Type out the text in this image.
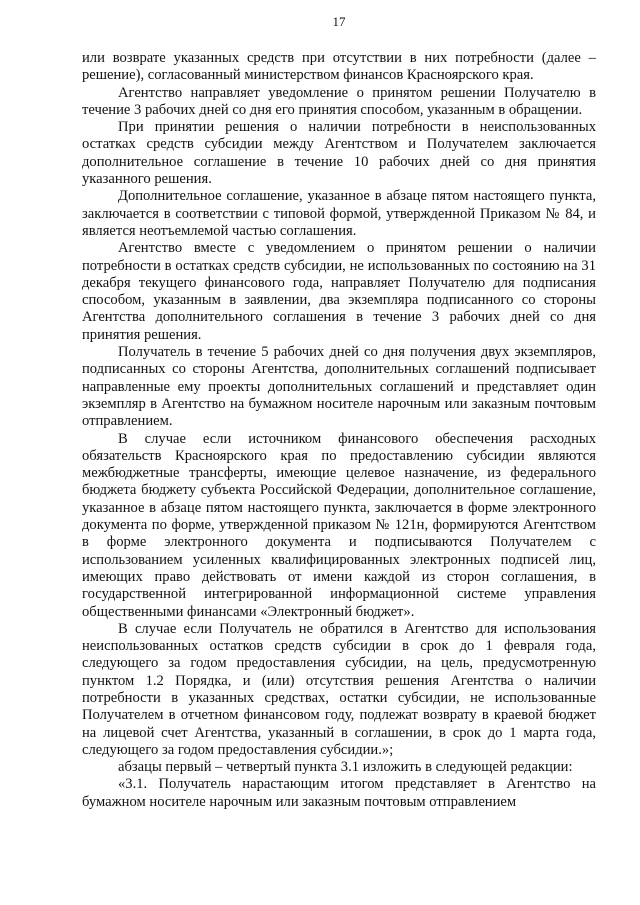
17

или возврате указанных средств при отсутствии в них потребности (далее – решение), согласованный министерством финансов Красноярского края.

Агентство направляет уведомление о принятом решении Получателю в течение 3 рабочих дней со дня его принятия способом, указанным в обращении.

При принятии решения о наличии потребности в неиспользованных остатках средств субсидии между Агентством и Получателем заключается дополнительное соглашение в течение 10 рабочих дней со дня принятия указанного решения.

Дополнительное соглашение, указанное в абзаце пятом настоящего пункта, заключается в соответствии с типовой формой, утвержденной Приказом № 84, и является неотъемлемой частью соглашения.

Агентство вместе с уведомлением о принятом решении о наличии потребности в остатках средств субсидии, не использованных по состоянию на 31 декабря текущего финансового года, направляет Получателю для подписания способом, указанным в заявлении, два экземпляра подписанного со стороны Агентства дополнительного соглашения в течение 3 рабочих дней со дня принятия решения.

Получатель в течение 5 рабочих дней со дня получения двух экземпляров, подписанных со стороны Агентства, дополнительных соглашений подписывает направленные ему проекты дополнительных соглашений и представляет один экземпляр в Агентство на бумажном носителе нарочным или заказным почтовым отправлением.

В случае если источником финансового обеспечения расходных обязательств Красноярского края по предоставлению субсидии являются межбюджетные трансферты, имеющие целевое назначение, из федерального бюджета бюджету субъекта Российской Федерации, дополнительное соглашение, указанное в абзаце пятом настоящего пункта, заключается в форме электронного документа по форме, утвержденной приказом № 121н, формируются Агентством в форме электронного документа и подписываются Получателем с использованием усиленных квалифицированных электронных подписей лиц, имеющих право действовать от имени каждой из сторон соглашения, в государственной интегрированной информационной системе управления общественными финансами «Электронный бюджет».

В случае если Получатель не обратился в Агентство для использования неиспользованных остатков средств субсидии в срок до 1 февраля года, следующего за годом предоставления субсидии, на цель, предусмотренную пунктом 1.2 Порядка, и (или) отсутствия решения Агентства о наличии потребности в указанных средствах, остатки субсидии, не использованные Получателем в отчетном финансовом году, подлежат возврату в краевой бюджет на лицевой счет Агентства, указанный в соглашении, в срок до 1 марта года, следующего за годом предоставления субсидии.»;

абзацы первый – четвертый пункта 3.1 изложить в следующей редакции:

«3.1. Получатель нарастающим итогом представляет в Агентство на бумажном носителе нарочным или заказным почтовым отправлением
